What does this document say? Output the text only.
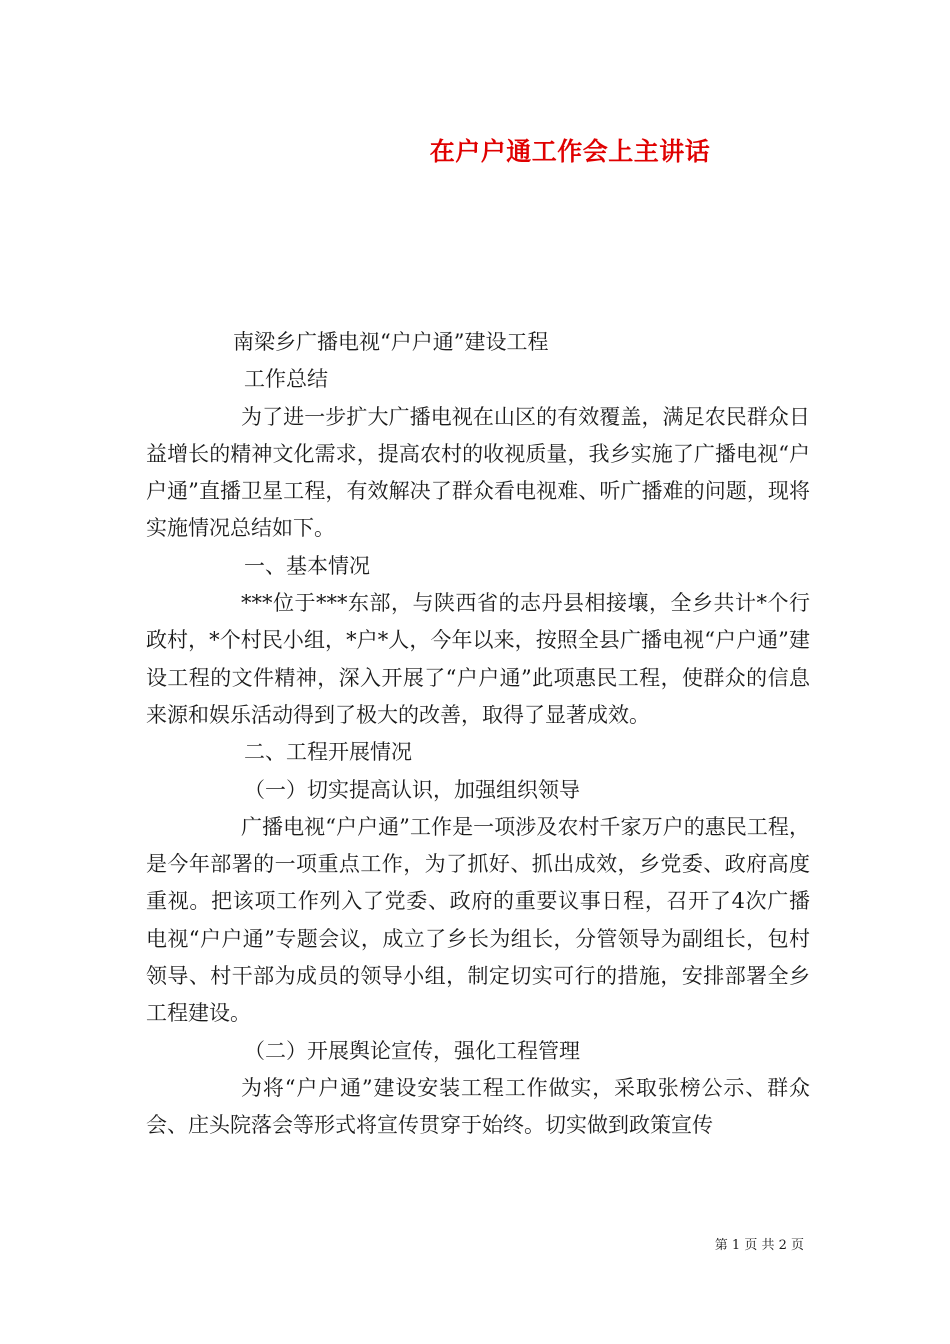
在户户通工作会上主讲话

南梁乡广播电视“户户通”建设工程

工作总结

为了进一步扩大广播电视在山区的有效覆盖，满足农民群众日益增长的精神文化需求，提高农村的收视质量，我乡实施了广播电视“户户通”直播卫星工程，有效解决了群众看电视难、听广播难的问题，现将实施情况总结如下。

一、基本情况

***位于***东部，与陕西省的志丹县相接壤，全乡共计*个行政村，*个村民小组，*户*人，今年以来，按照全县广播电视“户户通”建设工程的文件精神，深入开展了“户户通”此项惠民工程，使群众的信息来源和娱乐活动得到了极大的改善，取得了显著成效。

二、工程开展情况

（一）切实提高认识，加强组织领导

广播电视“户户通”工作是一项涉及农村千家万户的惠民工程，是今年部署的一项重点工作，为了抓好、抓出成效，乡党委、政府高度重视。把该项工作列入了党委、政府的重要议事日程，召开了4次广播电视“户户通”专题会议，成立了乡长为组长，分管领导为副组长，包村领导、村干部为成员的领导小组，制定切实可行的措施，安排部署全乡工程建设。

（二）开展舆论宣传，强化工程管理

为将“户户通”建设安装工程工作做实，采取张榜公示、群众会、庄头院落会等形式将宣传贯穿于始终。切实做到政策宣传

第 1 页 共 2 页
